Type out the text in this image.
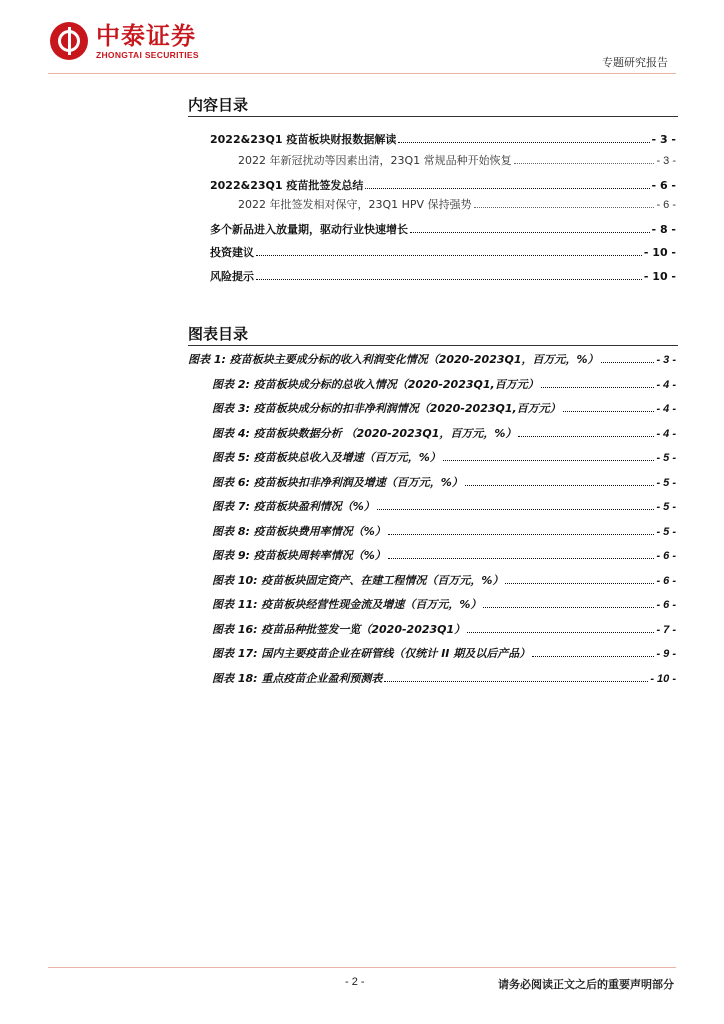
中泰证券
ZHONGTAI SECURITIES
专题研究报告
内容目录
2022&23Q1 疫苗板块财报数据解读	- 3 -
2022 年新冠扰动等因素出清，23Q1 常规品种开始恢复	- 3 -
2022&23Q1 疫苗批签发总结	- 6 -
2022 年批签发相对保守，23Q1 HPV 保持强势	- 6 -
多个新品进入放量期，驱动行业快速增长	- 8 -
投资建议	- 10 -
风险提示	- 10 -
图表目录
图表 1: 疫苗板块主要成分标的收入利润变化情况（2020-2023Q1，百万元，%）	- 3 -
图表 2: 疫苗板块成分标的总收入情况（2020-2023Q1,百万元）	- 4 -
图表 3: 疫苗板块成分标的扣非净利润情况（2020-2023Q1,百万元）	- 4 -
图表 4: 疫苗板块数据分析 （2020-2023Q1，百万元，%）	- 4 -
图表 5: 疫苗板块总收入及增速（百万元，%）	- 5 -
图表 6: 疫苗板块扣非净利润及增速（百万元，%）	- 5 -
图表 7: 疫苗板块盈利情况（%）	- 5 -
图表 8: 疫苗板块费用率情况（%）	- 5 -
图表 9: 疫苗板块周转率情况（%）	- 6 -
图表 10: 疫苗板块固定资产、在建工程情况（百万元，%）	- 6 -
图表 11: 疫苗板块经营性现金流及增速（百万元，%）	- 6 -
图表 16: 疫苗品种批签发一览（2020-2023Q1）	- 7 -
图表 17: 国内主要疫苗企业在研管线（仅统计 II 期及以后产品）	- 9 -
图表 18: 重点疫苗企业盈利预测表	- 10 -
- 2 -	请务必阅读正文之后的重要声明部分
